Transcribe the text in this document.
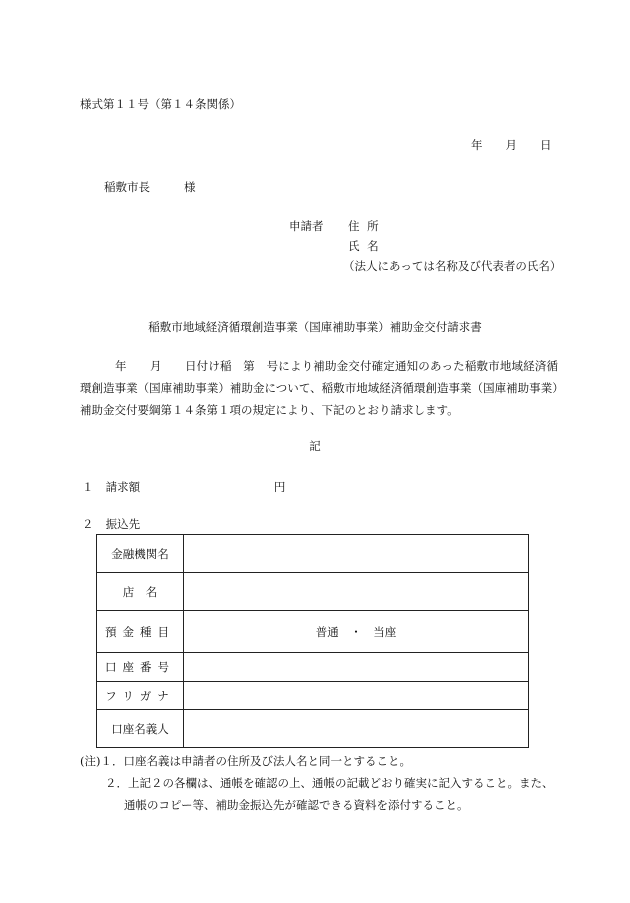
様式第１１号（第１４条関係）
年　　月　　日
稲敷市長	様
申請者 住 所
氏 名
（法人にあっては名称及び代表者の氏名）
稲敷市地域経済循環創造事業（国庫補助事業）補助金交付請求書

　　　年　　月　　日付け稲　第　号により補助金交付確定通知のあった稲敷市地域経済循環創造事業（国庫補助事業）補助金について、稲敷市地域経済循環創造事業（国庫補助事業）補助金交付要綱第１４条第１項の規定により、下記のとおり請求します。

記
１ 請求額	円
２ 振込先
金融機関名	
店　名	
預金種目	普通　・　当座
口座番号	
フリガナ	
口座名義人	
(注)１．口座名義は申請者の住所及び法人名と同一とすること。
２．上記２の各欄は、通帳を確認の上、通帳の記載どおり確実に記入すること。また、
通帳のコピー等、補助金振込先が確認できる資料を添付すること。
